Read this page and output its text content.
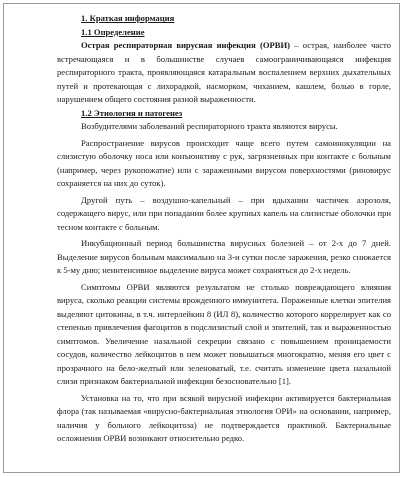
1. Краткая информация
1.1 Определение

Острая респираторная вирусная инфекция (ОРВИ) – острая, наиболее часто встречающаяся и в большинстве случаев самоограничивающаяся инфекция респираторного тракта, проявляющаяся катаральным воспалением верхних дыхательных путей и протекающая с лихорадкой, насморком, чиханием, кашлем, болью в горле, нарушением общего состояния разной выраженности.

1.2 Этиология и патогенез

Возбудителями заболеваний респираторного тракта являются вирусы.

Распространение вирусов происходит чаще всего путем самоинокуляции на слизистую оболочку носа или конъюнктиву с рук, загрязненных при контакте с больным (например, через рукопожатие) или с зараженными вирусом поверхностями (риновирус сохраняется на них до суток).

Другой путь – воздушно-капельный – при вдыхании частичек аэрозоля, содержащего вирус, или при попадании более крупных капель на слизистые оболочки при тесном контакте с больным.

Инкубационный период большинства вирусных болезней – от 2-х до 7 дней. Выделение вирусов больным максимально на 3-и сутки после заражения, резко снижается к 5-му дню; неинтенсивное выделение вируса может сохраняться до 2-х недель.

Симптомы ОРВИ являются результатом не столько повреждающего влияния вируса, сколько реакции системы врожденного иммунитета. Пораженные клетки эпителия выделяют цитокины, в т.ч. интерлейкин 8 (ИЛ 8), количество которого коррелирует как со степенью привлечения фагоцитов в подслизистый слой и эпителий, так и выраженностью симптомов. Увеличение назальной секреции связано с повышением проницаемости сосудов, количество лейкоцитов в нем может повышаться многократно, меняя его цвет с прозрачного на бело-желтый или зеленоватый, т.е. считать изменение цвета назальной слизи признаком бактериальной инфекции безосновательно [1].

Установка на то, что при всякой вирусной инфекции активируется бактериальная флора (так называемая «вирусно-бактериальная этиология ОРИ» на основании, например, наличия у больного лейкоцитоза) не подтверждается практикой. Бактериальные осложнения ОРВИ возникают относительно редко.
